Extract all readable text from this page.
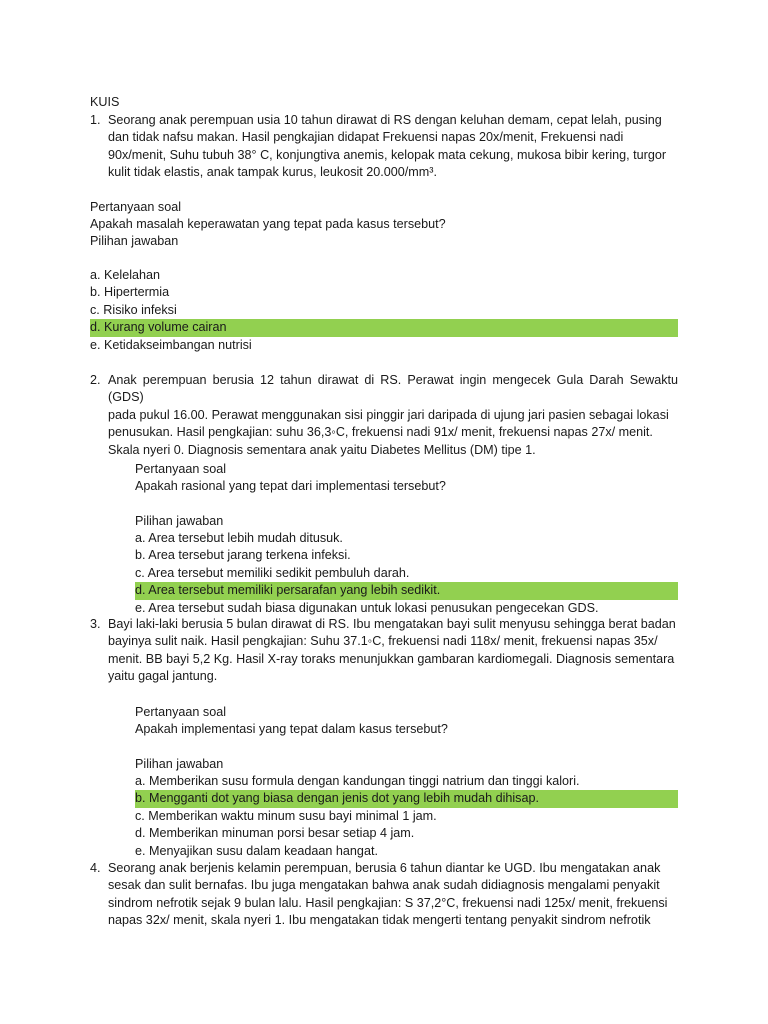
KUIS
1. Seorang anak perempuan usia 10 tahun dirawat di RS dengan keluhan demam, cepat lelah, pusing
dan tidak nafsu makan. Hasil pengkajian didapat Frekuensi napas 20x/menit, Frekuensi nadi
90x/menit, Suhu tubuh 38° C, konjungtiva anemis, kelopak mata cekung, mukosa bibir kering, turgor
kulit tidak elastis, anak tampak kurus, leukosit 20.000/mm³.
Pertanyaan soal
Apakah masalah keperawatan yang tepat pada kasus tersebut?
Pilihan jawaban
a. Kelelahan
b. Hipertermia
c. Risiko infeksi
d. Kurang volume cairan
e. Ketidakseimbangan nutrisi
2. Anak perempuan berusia 12 tahun dirawat di RS. Perawat ingin mengecek Gula Darah Sewaktu (GDS)
pada pukul 16.00. Perawat menggunakan sisi pinggir jari daripada di ujung jari pasien sebagai lokasi
penusukan. Hasil pengkajian: suhu 36,3◦C, frekuensi nadi 91x/ menit, frekuensi napas 27x/ menit.
Skala nyeri 0. Diagnosis sementara anak yaitu Diabetes Mellitus (DM) tipe 1.
Pertanyaan soal
Apakah rasional yang tepat dari implementasi tersebut?
Pilihan jawaban
a. Area tersebut lebih mudah ditusuk.
b. Area tersebut jarang terkena infeksi.
c. Area tersebut memiliki sedikit pembuluh darah.
d. Area tersebut memiliki persarafan yang lebih sedikit.
e. Area tersebut sudah biasa digunakan untuk lokasi penusukan pengecekan GDS.
3. Bayi laki-laki berusia 5 bulan dirawat di RS. Ibu mengatakan bayi sulit menyusu sehingga berat badan
bayinya sulit naik. Hasil pengkajian: Suhu 37.1◦C, frekuensi nadi 118x/ menit, frekuensi napas 35x/
menit. BB bayi 5,2 Kg. Hasil X-ray toraks menunjukkan gambaran kardiomegali. Diagnosis sementara
yaitu gagal jantung.
Pertanyaan soal
Apakah implementasi yang tepat dalam kasus tersebut?
Pilihan jawaban
a. Memberikan susu formula dengan kandungan tinggi natrium dan tinggi kalori.
b. Mengganti dot yang biasa dengan jenis dot yang lebih mudah dihisap.
c. Memberikan waktu minum susu bayi minimal 1 jam.
d. Memberikan minuman porsi besar setiap 4 jam.
e. Menyajikan susu dalam keadaan hangat.
4. Seorang anak berjenis kelamin perempuan, berusia 6 tahun diantar ke UGD. Ibu mengatakan anak
sesak dan sulit bernafas. Ibu juga mengatakan bahwa anak sudah didiagnosis mengalami penyakit
sindrom nefrotik sejak 9 bulan lalu. Hasil pengkajian: S 37,2°C, frekuensi nadi 125x/ menit, frekuensi
napas 32x/ menit, skala nyeri 1. Ibu mengatakan tidak mengerti tentang penyakit sindrom nefrotik
